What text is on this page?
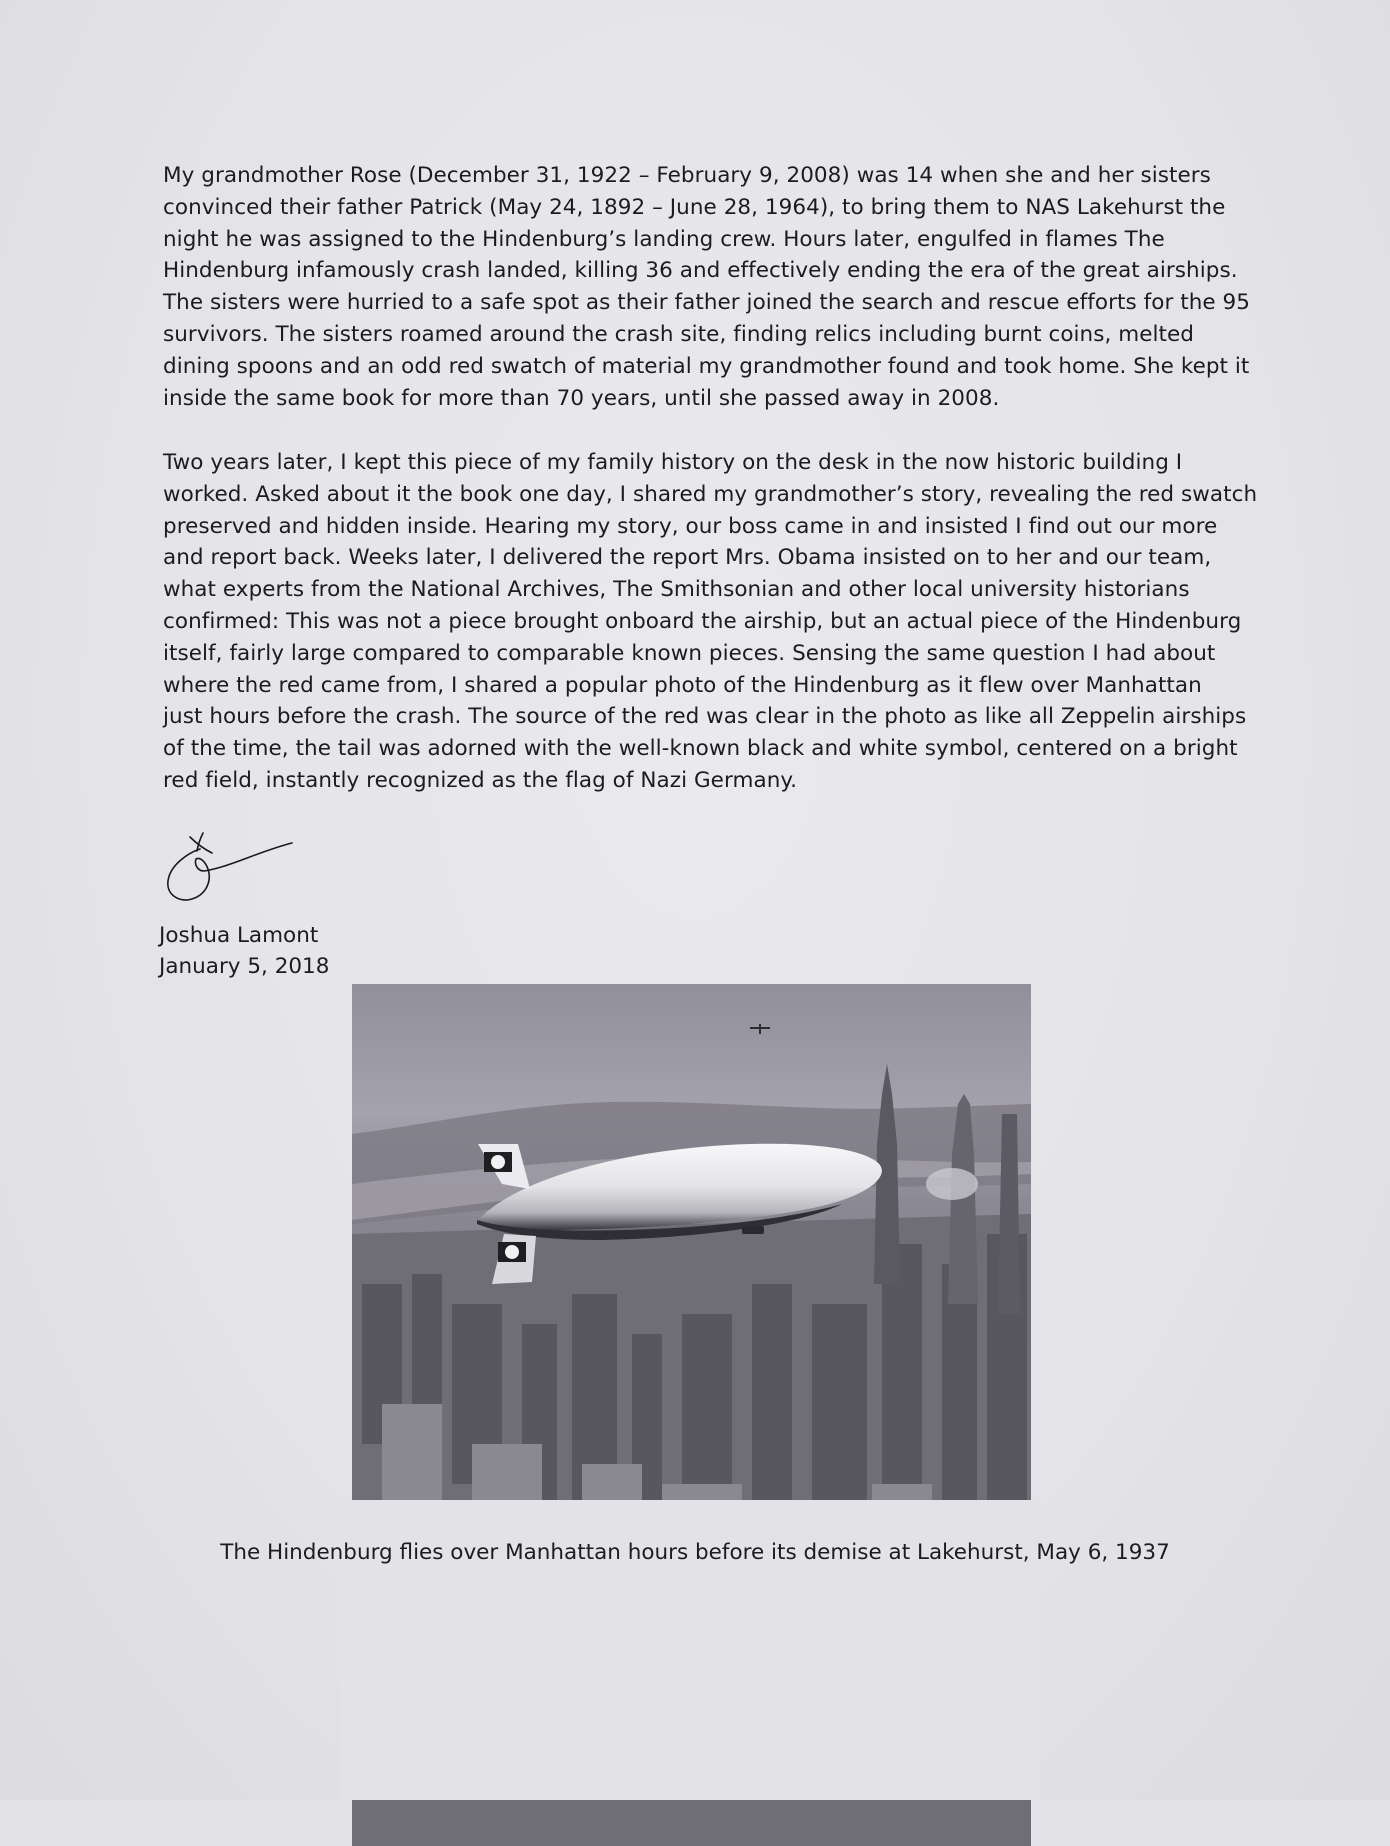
My grandmother Rose (December 31, 1922 – February 9, 2008) was 14 when she and her sisters
convinced their father Patrick (May 24, 1892 – June 28, 1964), to bring them to NAS Lakehurst the
night he was assigned to the Hindenburg’s landing crew. Hours later, engulfed in flames The
Hindenburg infamously crash landed, killing 36 and effectively ending the era of the great airships.
The sisters were hurried to a safe spot as their father joined the search and rescue efforts for the 95
survivors. The sisters roamed around the crash site, finding relics including burnt coins, melted
dining spoons and an odd red swatch of material my grandmother found and took home. She kept it
inside the same book for more than 70 years, until she passed away in 2008.

Two years later, I kept this piece of my family history on the desk in the now historic building I
worked. Asked about it the book one day, I shared my grandmother’s story, revealing the red swatch
preserved and hidden inside. Hearing my story, our boss came in and insisted I find out our more
and report back. Weeks later, I delivered the report Mrs. Obama insisted on to her and our team,
what experts from the National Archives, The Smithsonian and other local university historians
confirmed: This was not a piece brought onboard the airship, but an actual piece of the Hindenburg
itself, fairly large compared to comparable known pieces. Sensing the same question I had about
where the red came from, I shared a popular photo of the Hindenburg as it flew over Manhattan
just hours before the crash. The source of the red was clear in the photo as like all Zeppelin airships
of the time, the tail was adorned with the well-known black and white symbol, centered on a bright
red field, instantly recognized as the flag of Nazi Germany.

Joshua Lamont
January 5, 2018
The Hindenburg flies over Manhattan hours before its demise at Lakehurst, May 6, 1937
